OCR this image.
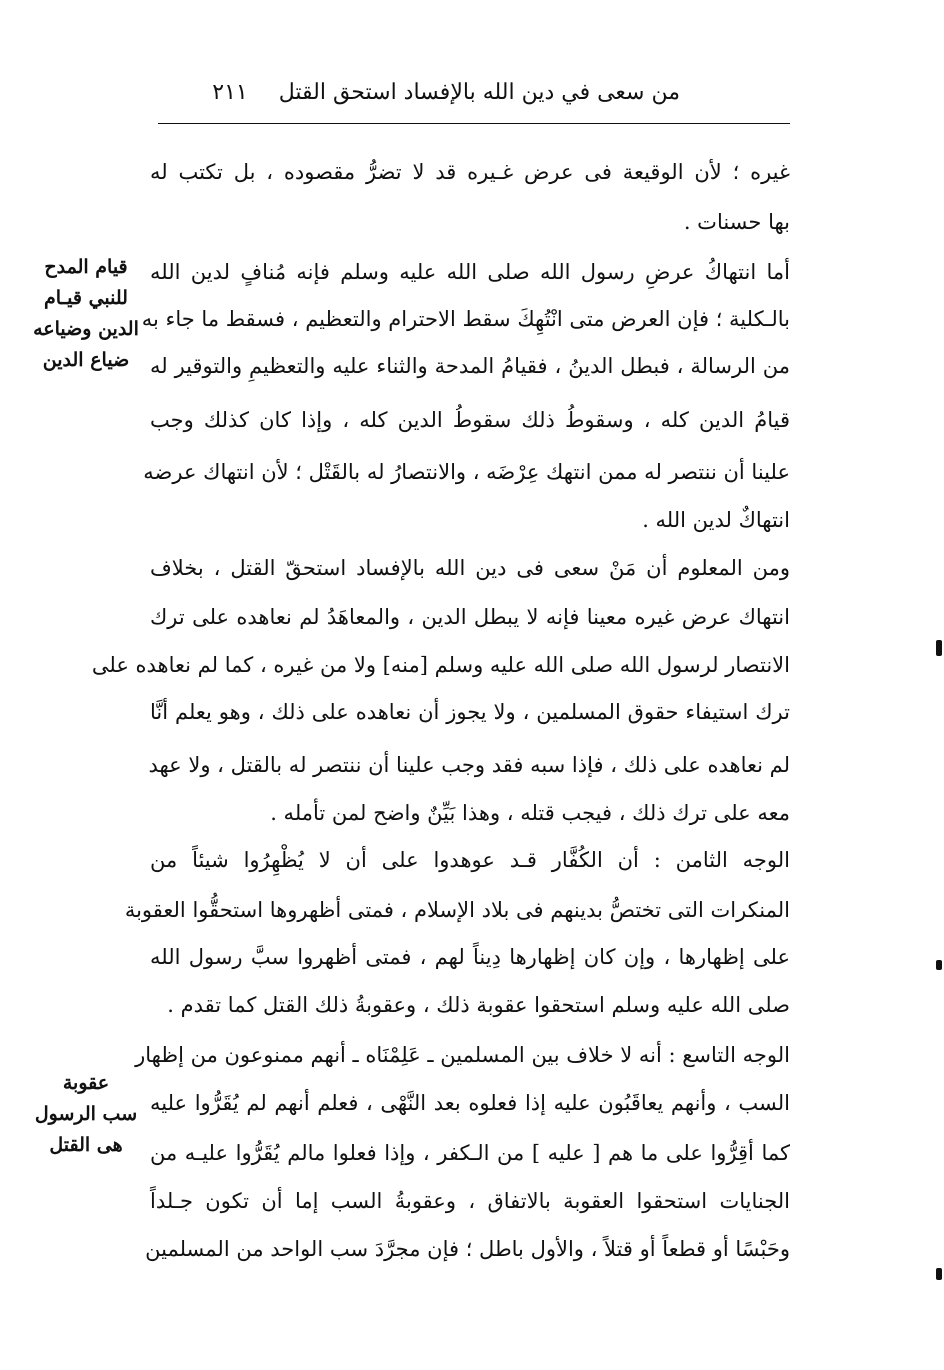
من سعى في دين الله بالإفساد استحق القتل
٢١١
غيره ؛ لأن الوقيعة فى عرض غـيره قد لا تضرُّ مقصوده ، بل تكتب له
بها حسنات .
أما انتهاكُ عرضِ رسول الله صلى الله عليه وسلم فإنه مُنافٍ لدين الله
بالـكلية ؛ فإن العرض متى انْتُهِكَ سقط الاحترام والتعظيم ، فسقط ما جاء به
من الرسالة ، فبطل الدينُ ، فقيامُ المدحة والثناء عليه والتعظيمِ والتوقير له
قيامُ الدين كله ، وسقوطُ ذلك سقوطُ الدين كله ، وإذا كان كذلك وجب
علينا أن ننتصر له ممن انتهك عِرْضَه ، والانتصارُ له بالقَتْل ؛ لأن انتهاك عرضه
انتهاكٌ لدين الله .
ومن المعلوم أن مَنْ سعى فى دين الله بالإفساد استحقّ القتل ، بخلاف
انتهاك عرض غيره معينا فإنه لا يبطل الدين ، والمعاهَدُ لم نعاهده على ترك
الانتصار لرسول الله صلى الله عليه وسلم [منه] ولا من غيره ، كما لم نعاهده على
ترك استيفاء حقوق المسلمين ، ولا يجوز أن نعاهده على ذلك ، وهو يعلم أنَّا
لم نعاهده على ذلك ، فإذا سبه فقد وجب علينا أن ننتصر له بالقتل ، ولا عهد
معه على ترك ذلك ، فيجب قتله ، وهذا بَيِّنٌ واضح لمن تأمله .
الوجه الثامن : أن الكُفَّار قـد عوهدوا على أن لا يُظْهِرُوا شيئاً من
المنكرات التى تختصُّ بدينهم فى بلاد الإسلام ، فمتى أظهروها استحقُّوا العقوبة
على إظهارها ، وإن كان إظهارها دِيناً لهم ، فمتى أظهروا سبَّ رسول الله
صلى الله عليه وسلم استحقوا عقوبة ذلك ، وعقوبةُ ذلك القتل كما تقدم .
الوجه التاسع : أنه لا خلاف بين المسلمين ـ عَلِمْنَاه ـ أنهم ممنوعون من إظهار
السب ، وأنهم يعاقَبُون عليه إذا فعلوه بعد النَّهْى ، فعلم أنهم لم يُقَرُّوا عليه
كما أقِرُّوا على ما هم [ عليه ] من الـكفر ، وإذا فعلوا مالم يُقَرُّوا عليـه من
الجنايات استحقوا العقوبة بالاتفاق ، وعقوبةُ السب إما أن تكون جـلداً
وحَبْسًا أو قطعاً أو قتلاً ، والأول باطل ؛ فإن مجرَّدَ سب الواحد من المسلمين
قيام المدح
للنبي قيـام
الدين وضياعه
ضياع الدين
عقوبة
سب الرسول
هى القتل
